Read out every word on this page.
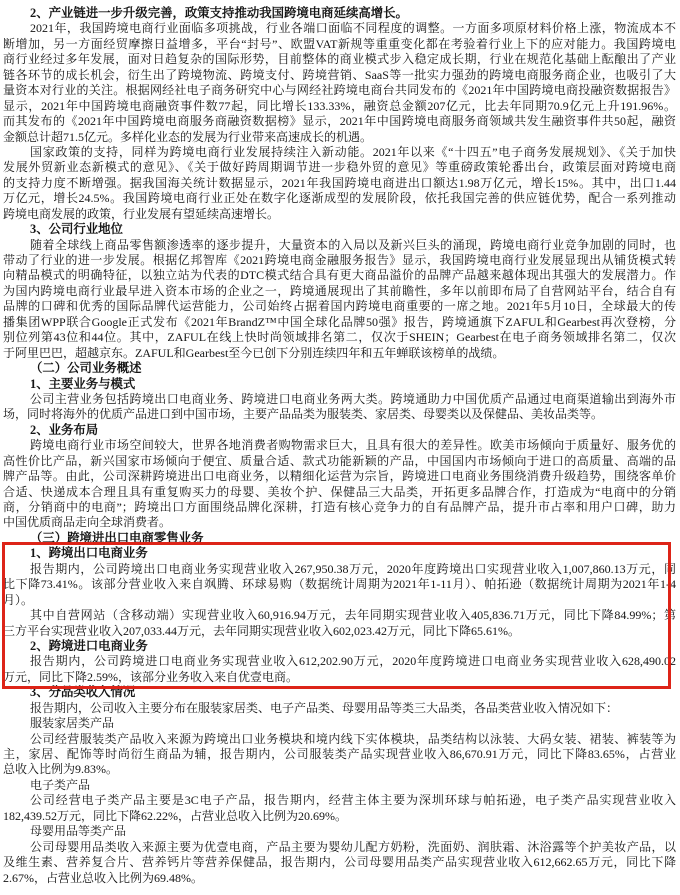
2、产业链进一步升级完善，政策支持推动我国跨境电商延续高增长。
2021年，我国跨境电商行业面临多项挑战，行业各端口面临不同程度的调整。一方面多项原材料价格上涨，物流成本不
断增加，另一方面经贸摩擦日益增多，平台“封号”、欧盟VAT新规等重重变化都在考验着行业上下的应对能力。我国跨境电
商行业经过多年发展，面对日趋复杂的国际形势，目前整体的商业模式步入稳定成长期，行业在规范化基础上酝酿出了产业
链各环节的成长机会，衍生出了跨境物流、跨境支付、跨境营销、SaaS等一批实力强劲的跨境电商服务商企业，也吸引了大
量资本对行业的关注。根据网经社电子商务研究中心与网经社跨境电商台共同发布的《2021年中国跨境电商投融资数据报告》
显示，2021年中国跨境电商融资事件数77起，同比增长133.33%，融资总金额207亿元，比去年同期70.9亿元上升191.96%。
而其发布的《2021年中国跨境电商服务商融资数据榜》显示，2021年中国跨境电商服务商领域共发生融资事件共50起，融资
金额总计超71.5亿元。多样化业态的发展为行业带来高速成长的机遇。
国家政策的支持，同样为跨境电商行业发展持续注入新动能。2021年以来《“十四五”电子商务发展规划》、《关于加快
发展外贸新业态新模式的意见》、《关于做好跨周期调节进一步稳外贸的意见》等重磅政策轮番出台，政策层面对跨境电商
的支持力度不断增强。据我国海关统计数据显示，2021年我国跨境电商进出口额达1.98万亿元，增长15%。其中，出口1.44
万亿元，增长24.5%。我国跨境电商行业正处在数字化逐渐成型的发展阶段，依托我国完善的供应链优势，配合一系列推动
跨境电商发展的政策，行业发展有望延续高速增长。
3、公司行业地位
随着全球线上商品零售额渗透率的逐步提升，大量资本的入局以及新兴巨头的涌现，跨境电商行业竞争加剧的同时，也
带动了行业的进一步发展。根据亿邦智库《2021跨境电商金融服务报告》显示，我国跨境电商行业发展显现出从铺货模式转
向精品模式的明确特征，以独立站为代表的DTC模式结合具有更大商品溢价的品牌产品越来越体现出其强大的发展潜力。作
为国内跨境电商行业最早进入资本市场的企业之一，跨境通展现出了其前瞻性，多年以前即布局了自营网站平台，结合自有
品牌的口碑和优秀的国际品牌代运营能力，公司始终占据着国内跨境电商重要的一席之地。2021年5月10日，全球最大的传
播集团WPP联合Google正式发布《2021年BrandZ™中国全球化品牌50强》报告，跨境通旗下ZAFUL和Gearbest再次登榜，分
别位列第43位和44位。其中，ZAFUL在线上快时尚领域排名第二，仅次于SHEIN；Gearbest在电子商务领域排名第二，仅次
于阿里巴巴，超越京东。ZAFUL和Gearbest至今已创下分别连续四年和五年蝉联该榜单的战绩。
（二）公司业务概述
1、主要业务与模式
公司主营业务包括跨境出口电商业务、跨境进口电商业务两大类。跨境通助力中国优质产品通过电商渠道输出到海外市
场，同时将海外的优质产品进口到中国市场，主要产品品类为服装类、家居类、母婴类以及保健品、美妆品类等。
2、业务布局
跨境电商行业市场空间较大，世界各地消费者购物需求巨大，且具有很大的差异性。欧美市场倾向于质量好、服务优的
高性价比产品，新兴国家市场倾向于便宜、质量合适、款式功能新颖的产品，中国国内市场倾向于进口的高质量、高端的品
牌产品等。由此，公司深耕跨境进出口电商业务，以精细化运营为宗旨，跨境进口电商业务围绕消费升级趋势，围绕客单价
合适、快递成本合理且具有重复购买力的母婴、美妆个护、保健品三大品类，开拓更多品牌合作，打造成为“电商中的分销
商，分销商中的电商”；跨境出口方面围绕品牌化深耕，打造有核心竞争力的自有品牌产品，提升市占率和用户口碑，助力
中国优质商品走向全球消费者。
（三）跨境进出口电商零售业务
1、跨境出口电商业务
报告期内，公司跨境出口电商业务实现营业收入267,950.38万元，2020年度跨境出口实现营业收入1,007,860.13万元，同
比下降73.41%。该部分营业收入来自飒腾、环球易购（数据统计周期为2021年1-11月）、帕拓逊（数据统计周期为2021年1-4
月）。
其中自营网站（含移动端）实现营业收入60,916.94万元，去年同期实现营业收入405,836.71万元，同比下降84.99%；第
三方平台实现营业收入207,033.44万元，去年同期实现营业收入602,023.42万元，同比下降65.61%。
2、跨境进口电商业务
报告期内，公司跨境进口电商业务实现营业收入612,202.90万元，2020年度跨境进口电商业务实现营业收入628,490.02
万元，同比下降2.59%，该部分业务收入来自优壹电商。
3、分品类收入情况
报告期内，公司收入主要分布在服装家居类、电子产品类、母婴用品等类三大品类，各品类营业收入情况如下：
服装家居类产品
公司经营服装类产品收入来源为跨境出口业务模块和境内线下实体模块，品类结构以泳装、大码女装、裙装、裤装等为
主，家居、配饰等时尚衍生商品为辅，报告期内，公司服装类产品实现营业收入86,670.91万元，同比下降83.65%，占营业
总收入比例为9.83%。
电子类产品
公司经营电子类产品主要是3C电子产品，报告期内，经营主体主要为深圳环球与帕拓逊，电子类产品实现营业收入
182,439.52万元，同比下降62.22%，占营业总收入比例为20.69%。
母婴用品等类产品
公司母婴用品类收入来源主要为优壹电商，产品主要为婴幼儿配方奶粉，洗面奶、润肤霜、沐浴露等个护美妆产品，以
及维生素、营养复合片、营养钙片等营养保健品，报告期内，公司母婴用品类产品实现营业收入612,662.65万元，同比下降
2.67%，占营业总收入比例为69.48%。
